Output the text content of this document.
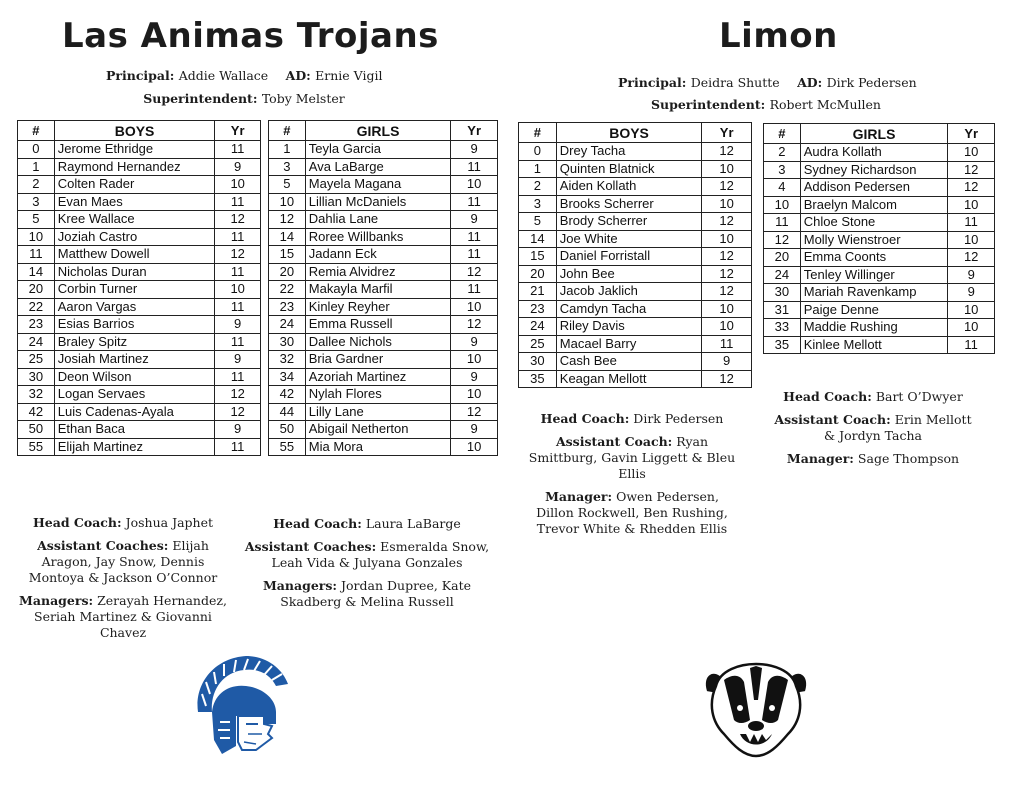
Las Animas Trojans
Principal: Addie Wallace AD: Ernie Vigil
Superintendent: Toby Melster
Limon
Principal: Deidra Shutte AD: Dirk Pedersen
Superintendent: Robert McMullen
#	BOYS	Yr
0	Jerome Ethridge	11
1	Raymond Hernandez	9
2	Colten Rader	10
3	Evan Maes	11
5	Kree Wallace	12
10	Joziah Castro	11
11	Matthew Dowell	12
14	Nicholas Duran	11
20	Corbin Turner	10
22	Aaron Vargas	11
23	Esias Barrios	9
24	Braley Spitz	11
25	Josiah Martinez	9
30	Deon Wilson	11
32	Logan Servaes	12
42	Luis Cadenas-Ayala	12
50	Ethan Baca	9
55	Elijah Martinez	11
#	GIRLS	Yr
1	Teyla Garcia	9
3	Ava LaBarge	11
5	Mayela Magana	10
10	Lillian McDaniels	11
12	Dahlia Lane	9
14	Roree Willbanks	11
15	Jadann Eck	11
20	Remia Alvidrez	12
22	Makayla Marfil	11
23	Kinley Reyher	10
24	Emma Russell	12
30	Dallee Nichols	9
32	Bria Gardner	10
34	Azoriah Martinez	9
42	Nylah Flores	10
44	Lilly Lane	12
50	Abigail Netherton	9
55	Mia Mora	10
#	BOYS	Yr
0	Drey Tacha	12
1	Quinten Blatnick	10
2	Aiden Kollath	12
3	Brooks Scherrer	10
5	Brody Scherrer	12
14	Joe White	10
15	Daniel Forristall	12
20	John Bee	12
21	Jacob Jaklich	12
23	Camdyn Tacha	10
24	Riley Davis	10
25	Macael Barry	11
30	Cash Bee	9
35	Keagan Mellott	12
#	GIRLS	Yr
2	Audra Kollath	10
3	Sydney Richardson	12
4	Addison Pedersen	12
10	Braelyn Malcom	10
11	Chloe Stone	11
12	Molly Wienstroer	10
20	Emma Coonts	12
24	Tenley Willinger	9
30	Mariah Ravenkamp	9
31	Paige Denne	10
33	Maddie Rushing	10
35	Kinlee Mellott	11

Head Coach: Joshua Japhet

Assistant Coaches: Elijah Aragon, Jay Snow, Dennis Montoya & Jackson O’Connor

Managers: Zerayah Hernandez, Seriah Martinez & Giovanni Chavez

Head Coach: Laura LaBarge

Assistant Coaches: Esmeralda Snow, Leah Vida & Julyana Gonzales

Managers: Jordan Dupree, Kate Skadberg & Melina Russell

Head Coach: Dirk Pedersen

Assistant Coach: Ryan Smittburg, Gavin Liggett & Bleu Ellis

Manager: Owen Pedersen, Dillon Rockwell, Ben Rushing, Trevor White & Rhedden Ellis

Head Coach: Bart O’Dwyer

Assistant Coach: Erin Mellott & Jordyn Tacha

Manager: Sage Thompson
